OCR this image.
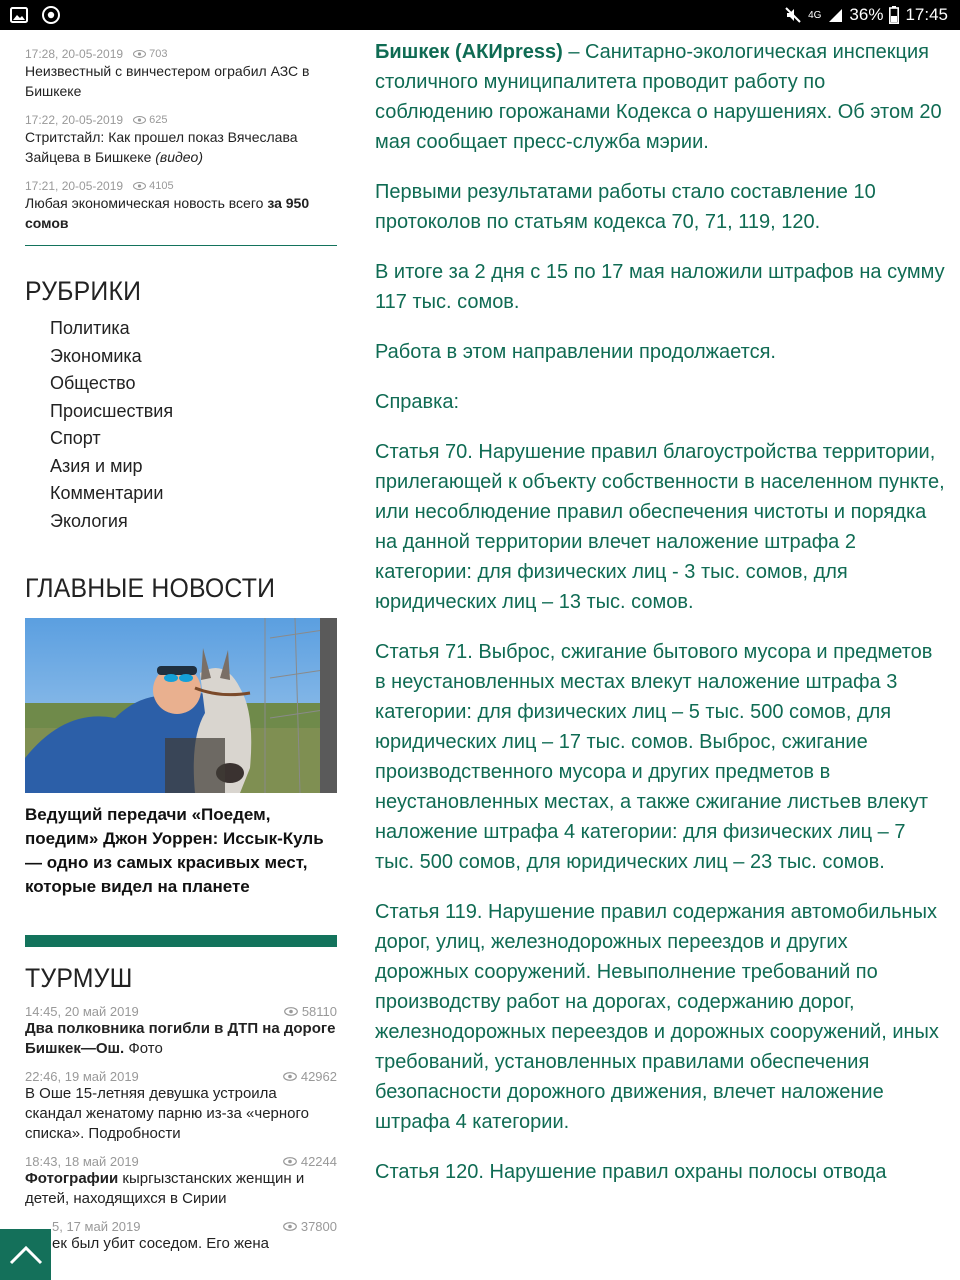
4G 36% 17:45
17:28, 20-05-2019 703
Неизвестный с винчестером ограбил АЗС в Бишкеке
17:22, 20-05-2019 625
Стритстайл: Как прошел показ Вячеслава Зайцева в Бишкеке (видео)
17:21, 20-05-2019 4105
Любая экономическая новость всего за 950 сомов
РУБРИКИ
Политика
Экономика
Общество
Происшествия
Спорт
Азия и мир
Комментарии
Экология
ГЛАВНЫЕ НОВОСТИ
Ведущий передачи «Поедем, поедим» Джон Уоррен: Иссык-Куль — одно из самых красивых мест, которые видел на планете
ТУРМУШ
14:45, 20 май 2019	58110
Два полковника погибли в ДТП на дороге Бишкек—Ош. Фото
22:46, 19 май 2019	42962
В Оше 15-летняя девушка устроила скандал женатому парню из-за «черного списка». Подробности
18:43, 18 май 2019	42244
Фотографии кыргызстанских женщин и детей, находящихся в Сирии
5, 17 май 2019	37800
ек был убит соседом. Его жена

Бишкек (АКИpress) – Санитарно-экологическая инспекция столичного муниципалитета проводит работу по соблюдению горожанами Кодекса о нарушениях. Об этом 20 мая сообщает пресс-служба мэрии.

Первыми результатами работы стало составление 10 протоколов по статьям кодекса 70, 71, 119, 120.

В итоге за 2 дня с 15 по 17 мая наложили штрафов на сумму 117 тыс. сомов.

Работа в этом направлении продолжается.

Справка:

Статья 70. Нарушение правил благоустройства территории, прилегающей к объекту собственности в населенном пункте, или несоблюдение правил обеспечения чистоты и порядка на данной территории влечет наложение штрафа 2 категории: для физических лиц - 3 тыс. сомов, для юридических лиц – 13 тыс. сомов.

Статья 71. Выброс, сжигание бытового мусора и предметов в неустановленных местах влекут наложение штрафа 3 категории: для физических лиц – 5 тыс. 500 сомов, для юридических лиц – 17 тыс. сомов. Выброс, сжигание производственного мусора и других предметов в неустановленных местах, а также сжигание листьев влекут наложение штрафа 4 категории: для физических лиц – 7 тыс. 500 сомов, для юридических лиц – 23 тыс. сомов.

Статья 119. Нарушение правил содержания автомобильных дорог, улиц, железнодорожных переездов и других дорожных сооружений. Невыполнение требований по производству работ на дорогах, содержанию дорог, железнодорожных переездов и дорожных сооружений, иных требований, установленных правилами обеспечения безопасности дорожного движения, влечет наложение штрафа 4 категории.

Статья 120. Нарушение правил охраны полосы отвода
